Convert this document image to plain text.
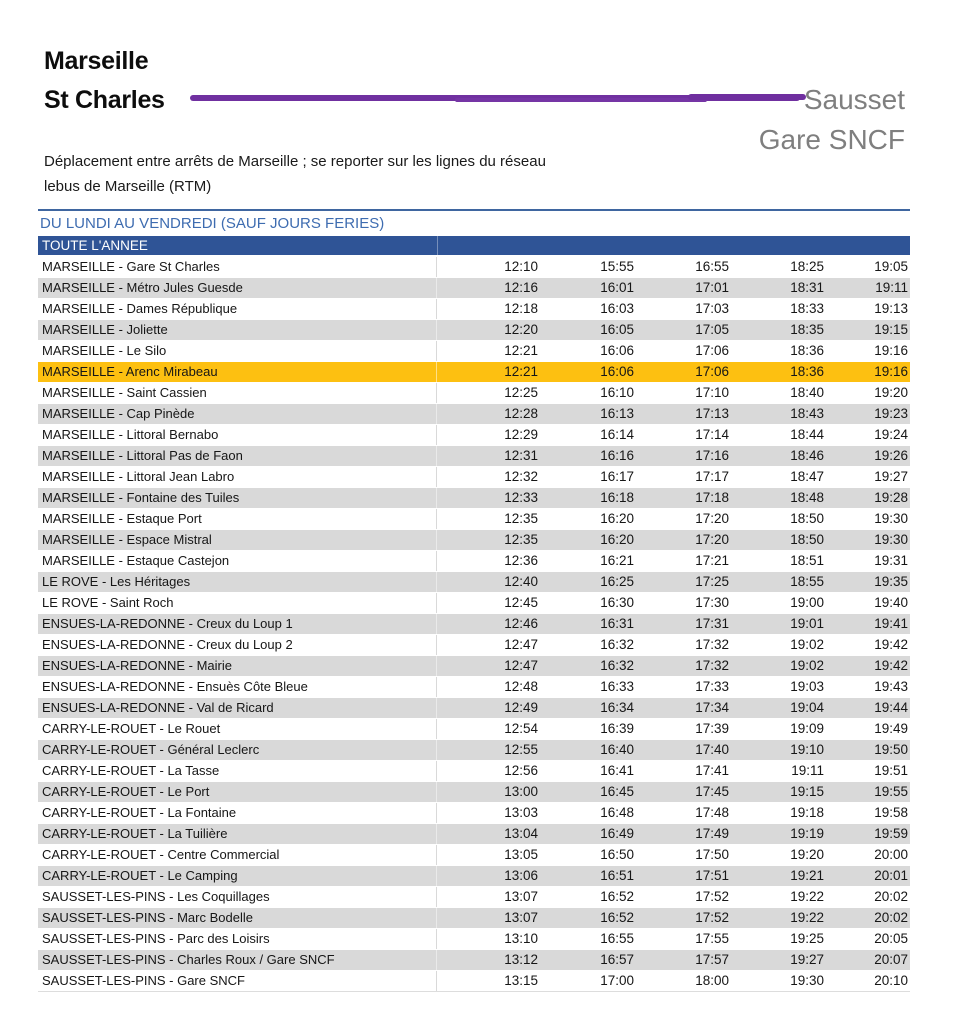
Marseille
St Charles	Sausset
Gare SNCF
Déplacement entre arrêts de Marseille ; se reporter sur les lignes du réseau
lebus de Marseille (RTM)
DU LUNDI AU VENDREDI (SAUF JOURS FERIES)
TOUTE L'ANNEE
MARSEILLE - Gare St Charles	12:10	15:55	16:55	18:25	19:05
MARSEILLE - Métro Jules Guesde	12:16	16:01	17:01	18:31	19:11
MARSEILLE - Dames République	12:18	16:03	17:03	18:33	19:13
MARSEILLE - Joliette	12:20	16:05	17:05	18:35	19:15
MARSEILLE - Le Silo	12:21	16:06	17:06	18:36	19:16
MARSEILLE - Arenc Mirabeau	12:21	16:06	17:06	18:36	19:16
MARSEILLE - Saint Cassien	12:25	16:10	17:10	18:40	19:20
MARSEILLE - Cap Pinède	12:28	16:13	17:13	18:43	19:23
MARSEILLE - Littoral Bernabo	12:29	16:14	17:14	18:44	19:24
MARSEILLE - Littoral Pas de Faon	12:31	16:16	17:16	18:46	19:26
MARSEILLE - Littoral Jean Labro	12:32	16:17	17:17	18:47	19:27
MARSEILLE - Fontaine des Tuiles	12:33	16:18	17:18	18:48	19:28
MARSEILLE - Estaque Port	12:35	16:20	17:20	18:50	19:30
MARSEILLE - Espace Mistral	12:35	16:20	17:20	18:50	19:30
MARSEILLE - Estaque Castejon	12:36	16:21	17:21	18:51	19:31
LE ROVE - Les Héritages	12:40	16:25	17:25	18:55	19:35
LE ROVE - Saint Roch	12:45	16:30	17:30	19:00	19:40
ENSUES-LA-REDONNE - Creux du Loup 1	12:46	16:31	17:31	19:01	19:41
ENSUES-LA-REDONNE - Creux du Loup 2	12:47	16:32	17:32	19:02	19:42
ENSUES-LA-REDONNE - Mairie	12:47	16:32	17:32	19:02	19:42
ENSUES-LA-REDONNE - Ensuès Côte Bleue	12:48	16:33	17:33	19:03	19:43
ENSUES-LA-REDONNE - Val de Ricard	12:49	16:34	17:34	19:04	19:44
CARRY-LE-ROUET - Le Rouet	12:54	16:39	17:39	19:09	19:49
CARRY-LE-ROUET - Général Leclerc	12:55	16:40	17:40	19:10	19:50
CARRY-LE-ROUET - La Tasse	12:56	16:41	17:41	19:11	19:51
CARRY-LE-ROUET - Le Port	13:00	16:45	17:45	19:15	19:55
CARRY-LE-ROUET - La Fontaine	13:03	16:48	17:48	19:18	19:58
CARRY-LE-ROUET - La Tuilière	13:04	16:49	17:49	19:19	19:59
CARRY-LE-ROUET - Centre Commercial	13:05	16:50	17:50	19:20	20:00
CARRY-LE-ROUET - Le Camping	13:06	16:51	17:51	19:21	20:01
SAUSSET-LES-PINS - Les Coquillages	13:07	16:52	17:52	19:22	20:02
SAUSSET-LES-PINS - Marc Bodelle	13:07	16:52	17:52	19:22	20:02
SAUSSET-LES-PINS - Parc des Loisirs	13:10	16:55	17:55	19:25	20:05
SAUSSET-LES-PINS - Charles Roux / Gare SNCF	13:12	16:57	17:57	19:27	20:07
SAUSSET-LES-PINS - Gare SNCF	13:15	17:00	18:00	19:30	20:10
